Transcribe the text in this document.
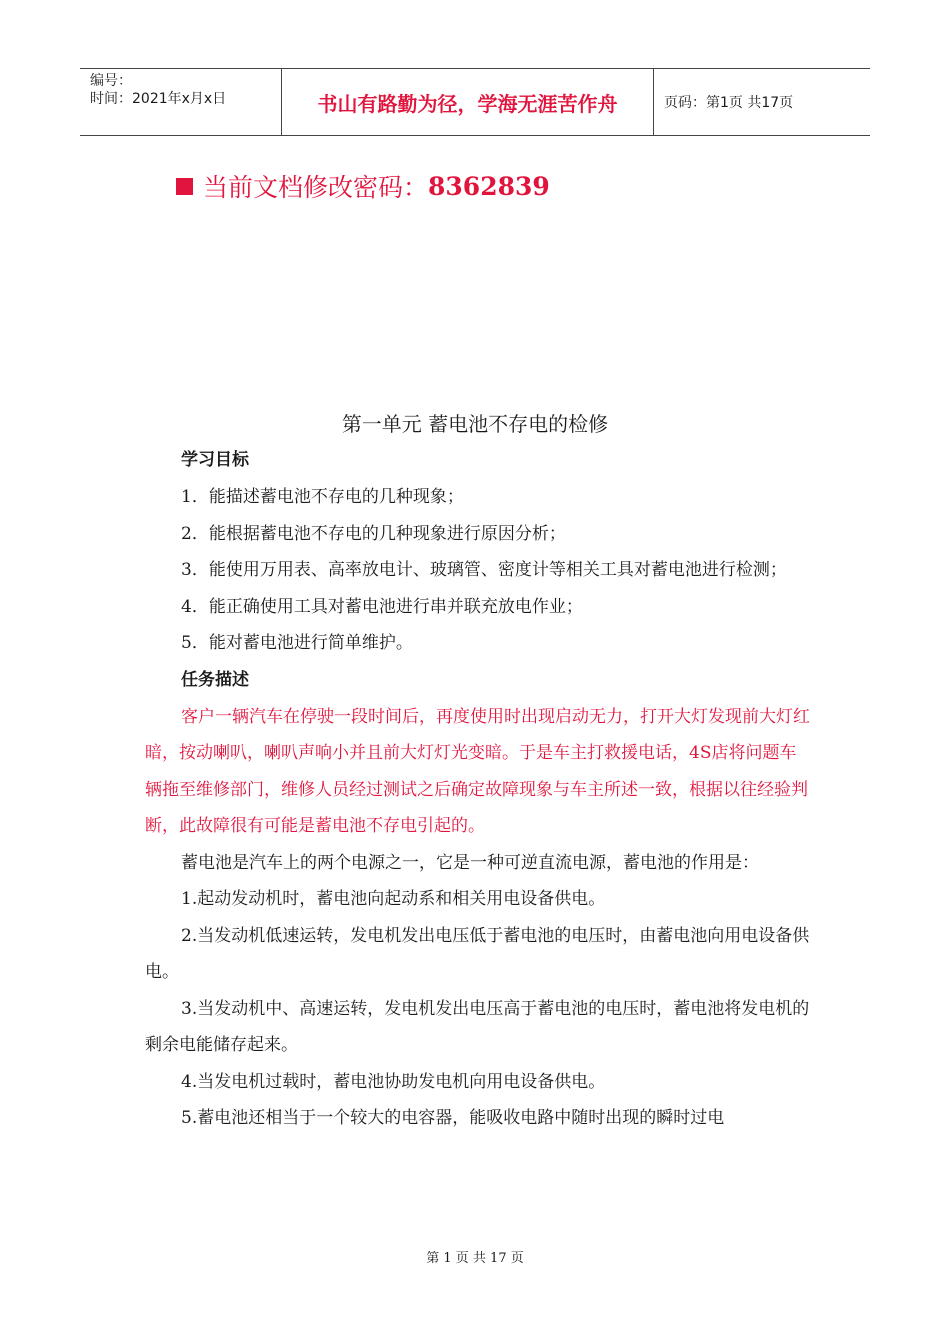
编号：
时间：2021年x月x日	书山有路勤为径，学海无涯苦作舟	页码：第1页 共17页
当前文档修改密码： 8362839
第一单元 蓄电池不存电的检修

学习目标

1．能描述蓄电池不存电的几种现象；

2．能根据蓄电池不存电的几种现象进行原因分析；

3．能使用万用表、高率放电计、玻璃管、密度计等相关工具对蓄电池进行检测；

4．能正确使用工具对蓄电池进行串并联充放电作业；

5．能对蓄电池进行简单维护。

任务描述

客户一辆汽车在停驶一段时间后，再度使用时出现启动无力，打开大灯发现前大灯红暗，按动喇叭，喇叭声响小并且前大灯灯光变暗。于是车主打救援电话，4S店将问题车辆拖至维修部门，维修人员经过测试之后确定故障现象与车主所述一致，根据以往经验判断，此故障很有可能是蓄电池不存电引起的。

蓄电池是汽车上的两个电源之一，它是一种可逆直流电源，蓄电池的作用是：

1.起动发动机时，蓄电池向起动系和相关用电设备供电。

2.当发动机低速运转，发电机发出电压低于蓄电池的电压时，由蓄电池向用电设备供电。

3.当发动机中、高速运转，发电机发出电压高于蓄电池的电压时，蓄电池将发电机的剩余电能储存起来。

4.当发电机过载时，蓄电池协助发电机向用电设备供电。

5.蓄电池还相当于一个较大的电容器，能吸收电路中随时出现的瞬时过电

第 1 页 共 17 页
